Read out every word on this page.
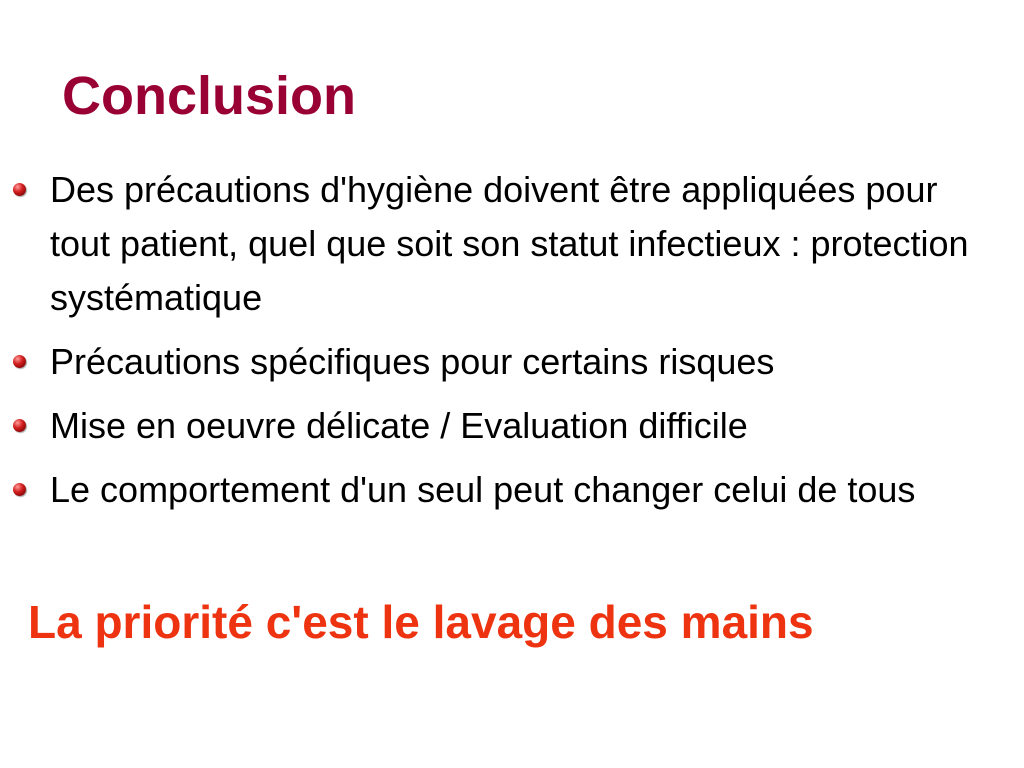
Conclusion
Des précautions d'hygiène doivent être appliquées pour tout patient, quel que soit son statut infectieux : protection systématique
Précautions spécifiques pour certains risques
Mise en oeuvre délicate / Evaluation difficile
Le comportement d'un seul peut changer celui de tous

La priorité c'est le lavage des mains
